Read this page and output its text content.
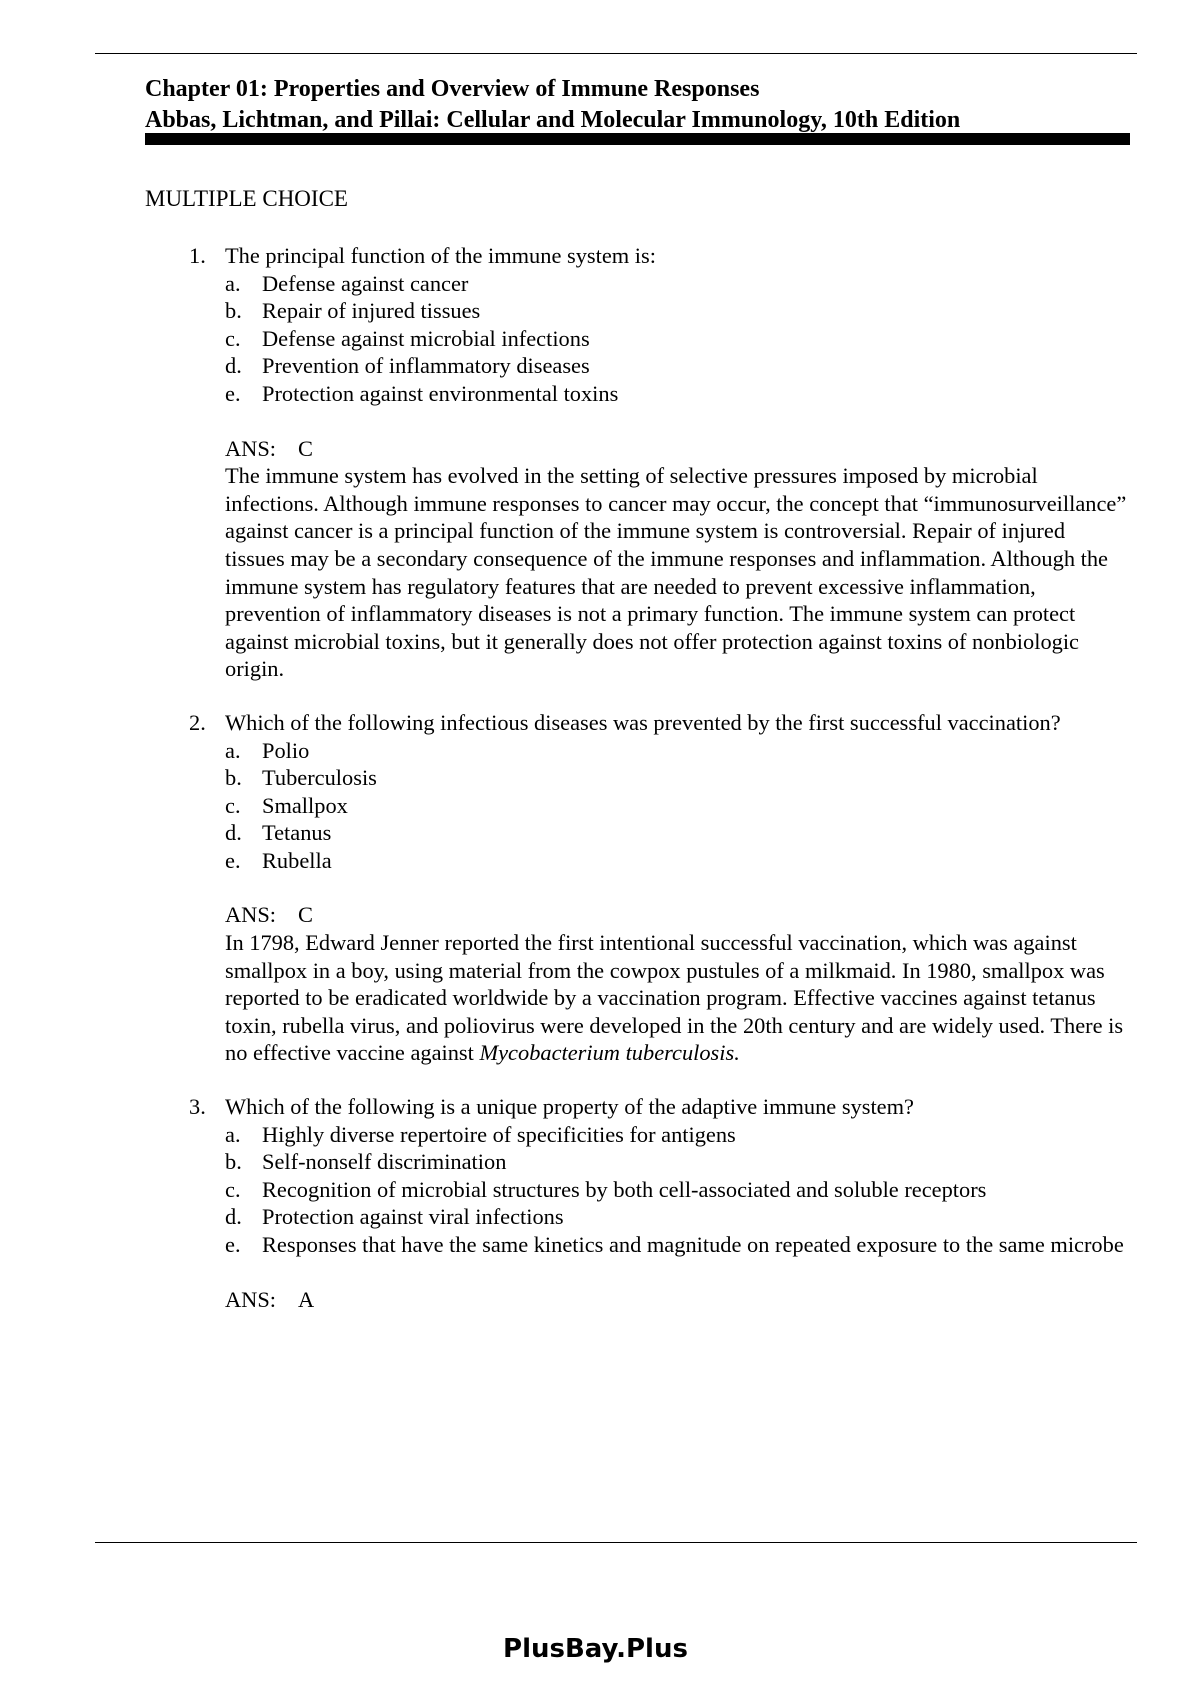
Chapter 01: Properties and Overview of Immune Responses
Abbas, Lichtman, and Pillai: Cellular and Molecular Immunology, 10th Edition
MULTIPLE CHOICE
1. The principal function of the immune system is:
a. Defense against cancer
b. Repair of injured tissues
c. Defense against microbial infections
d. Prevention of inflammatory diseases
e. Protection against environmental toxins
ANS: C
The immune system has evolved in the setting of selective pressures imposed by microbial infections. Although immune responses to cancer may occur, the concept that “immunosurveillance” against cancer is a principal function of the immune system is controversial. Repair of injured tissues may be a secondary consequence of the immune responses and inflammation. Although the immune system has regulatory features that are needed to prevent excessive inflammation, prevention of inflammatory diseases is not a primary function. The immune system can protect against microbial toxins, but it generally does not offer protection against toxins of nonbiologic origin.
2. Which of the following infectious diseases was prevented by the first successful vaccination?
a. Polio
b. Tuberculosis
c. Smallpox
d. Tetanus
e. Rubella
ANS: C
In 1798, Edward Jenner reported the first intentional successful vaccination, which was against smallpox in a boy, using material from the cowpox pustules of a milkmaid. In 1980, smallpox was reported to be eradicated worldwide by a vaccination program. Effective vaccines against tetanus toxin, rubella virus, and poliovirus were developed in the 20th century and are widely used. There is no effective vaccine against Mycobacterium tuberculosis.
3. Which of the following is a unique property of the adaptive immune system?
a. Highly diverse repertoire of specificities for antigens
b. Self-nonself discrimination
c. Recognition of microbial structures by both cell-associated and soluble receptors
d. Protection against viral infections
e. Responses that have the same kinetics and magnitude on repeated exposure to the same microbe
ANS: A
PlusBay.Plus
